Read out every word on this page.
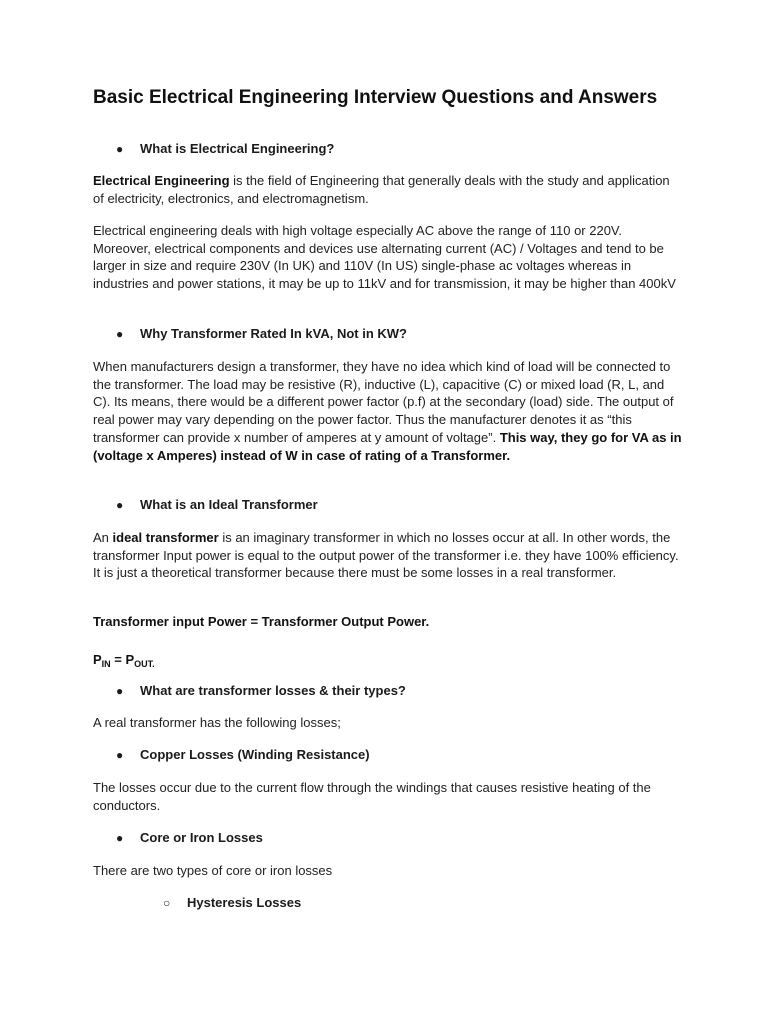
Basic Electrical Engineering Interview Questions and Answers
● What is Electrical Engineering?

Electrical Engineering is the field of Engineering that generally deals with the study and application of electricity, electronics, and electromagnetism.

Electrical engineering deals with high voltage especially AC above the range of 110 or 220V. Moreover, electrical components and devices use alternating current (AC) / Voltages and tend to be larger in size and require 230V (In UK) and 110V (In US) single-phase ac voltages whereas in industries and power stations, it may be up to 11kV and for transmission, it may be higher than 400kV

● Why Transformer Rated In kVA, Not in KW?

When manufacturers design a transformer, they have no idea which kind of load will be connected to the transformer. The load may be resistive (R), inductive (L), capacitive (C) or mixed load (R, L, and C). Its means, there would be a different power factor (p.f) at the secondary (load) side. The output of real power may vary depending on the power factor. Thus the manufacturer denotes it as “this transformer can provide x number of amperes at y amount of voltage”. This way, they go for VA as in (voltage x Amperes) instead of W in case of rating of a Transformer.

● What is an Ideal Transformer

An ideal transformer is an imaginary transformer in which no losses occur at all. In other words, the transformer Input power is equal to the output power of the transformer i.e. they have 100% efficiency. It is just a theoretical transformer because there must be some losses in a real transformer.

Transformer input Power = Transformer Output Power.

$P_{IN} = P_{OUT.}$

● What are transformer losses & their types?

A real transformer has the following losses;

● Copper Losses (Winding Resistance)

The losses occur due to the current flow through the windings that causes resistive heating of the conductors.

● Core or Iron Losses

There are two types of core or iron losses

○ Hysteresis Losses
